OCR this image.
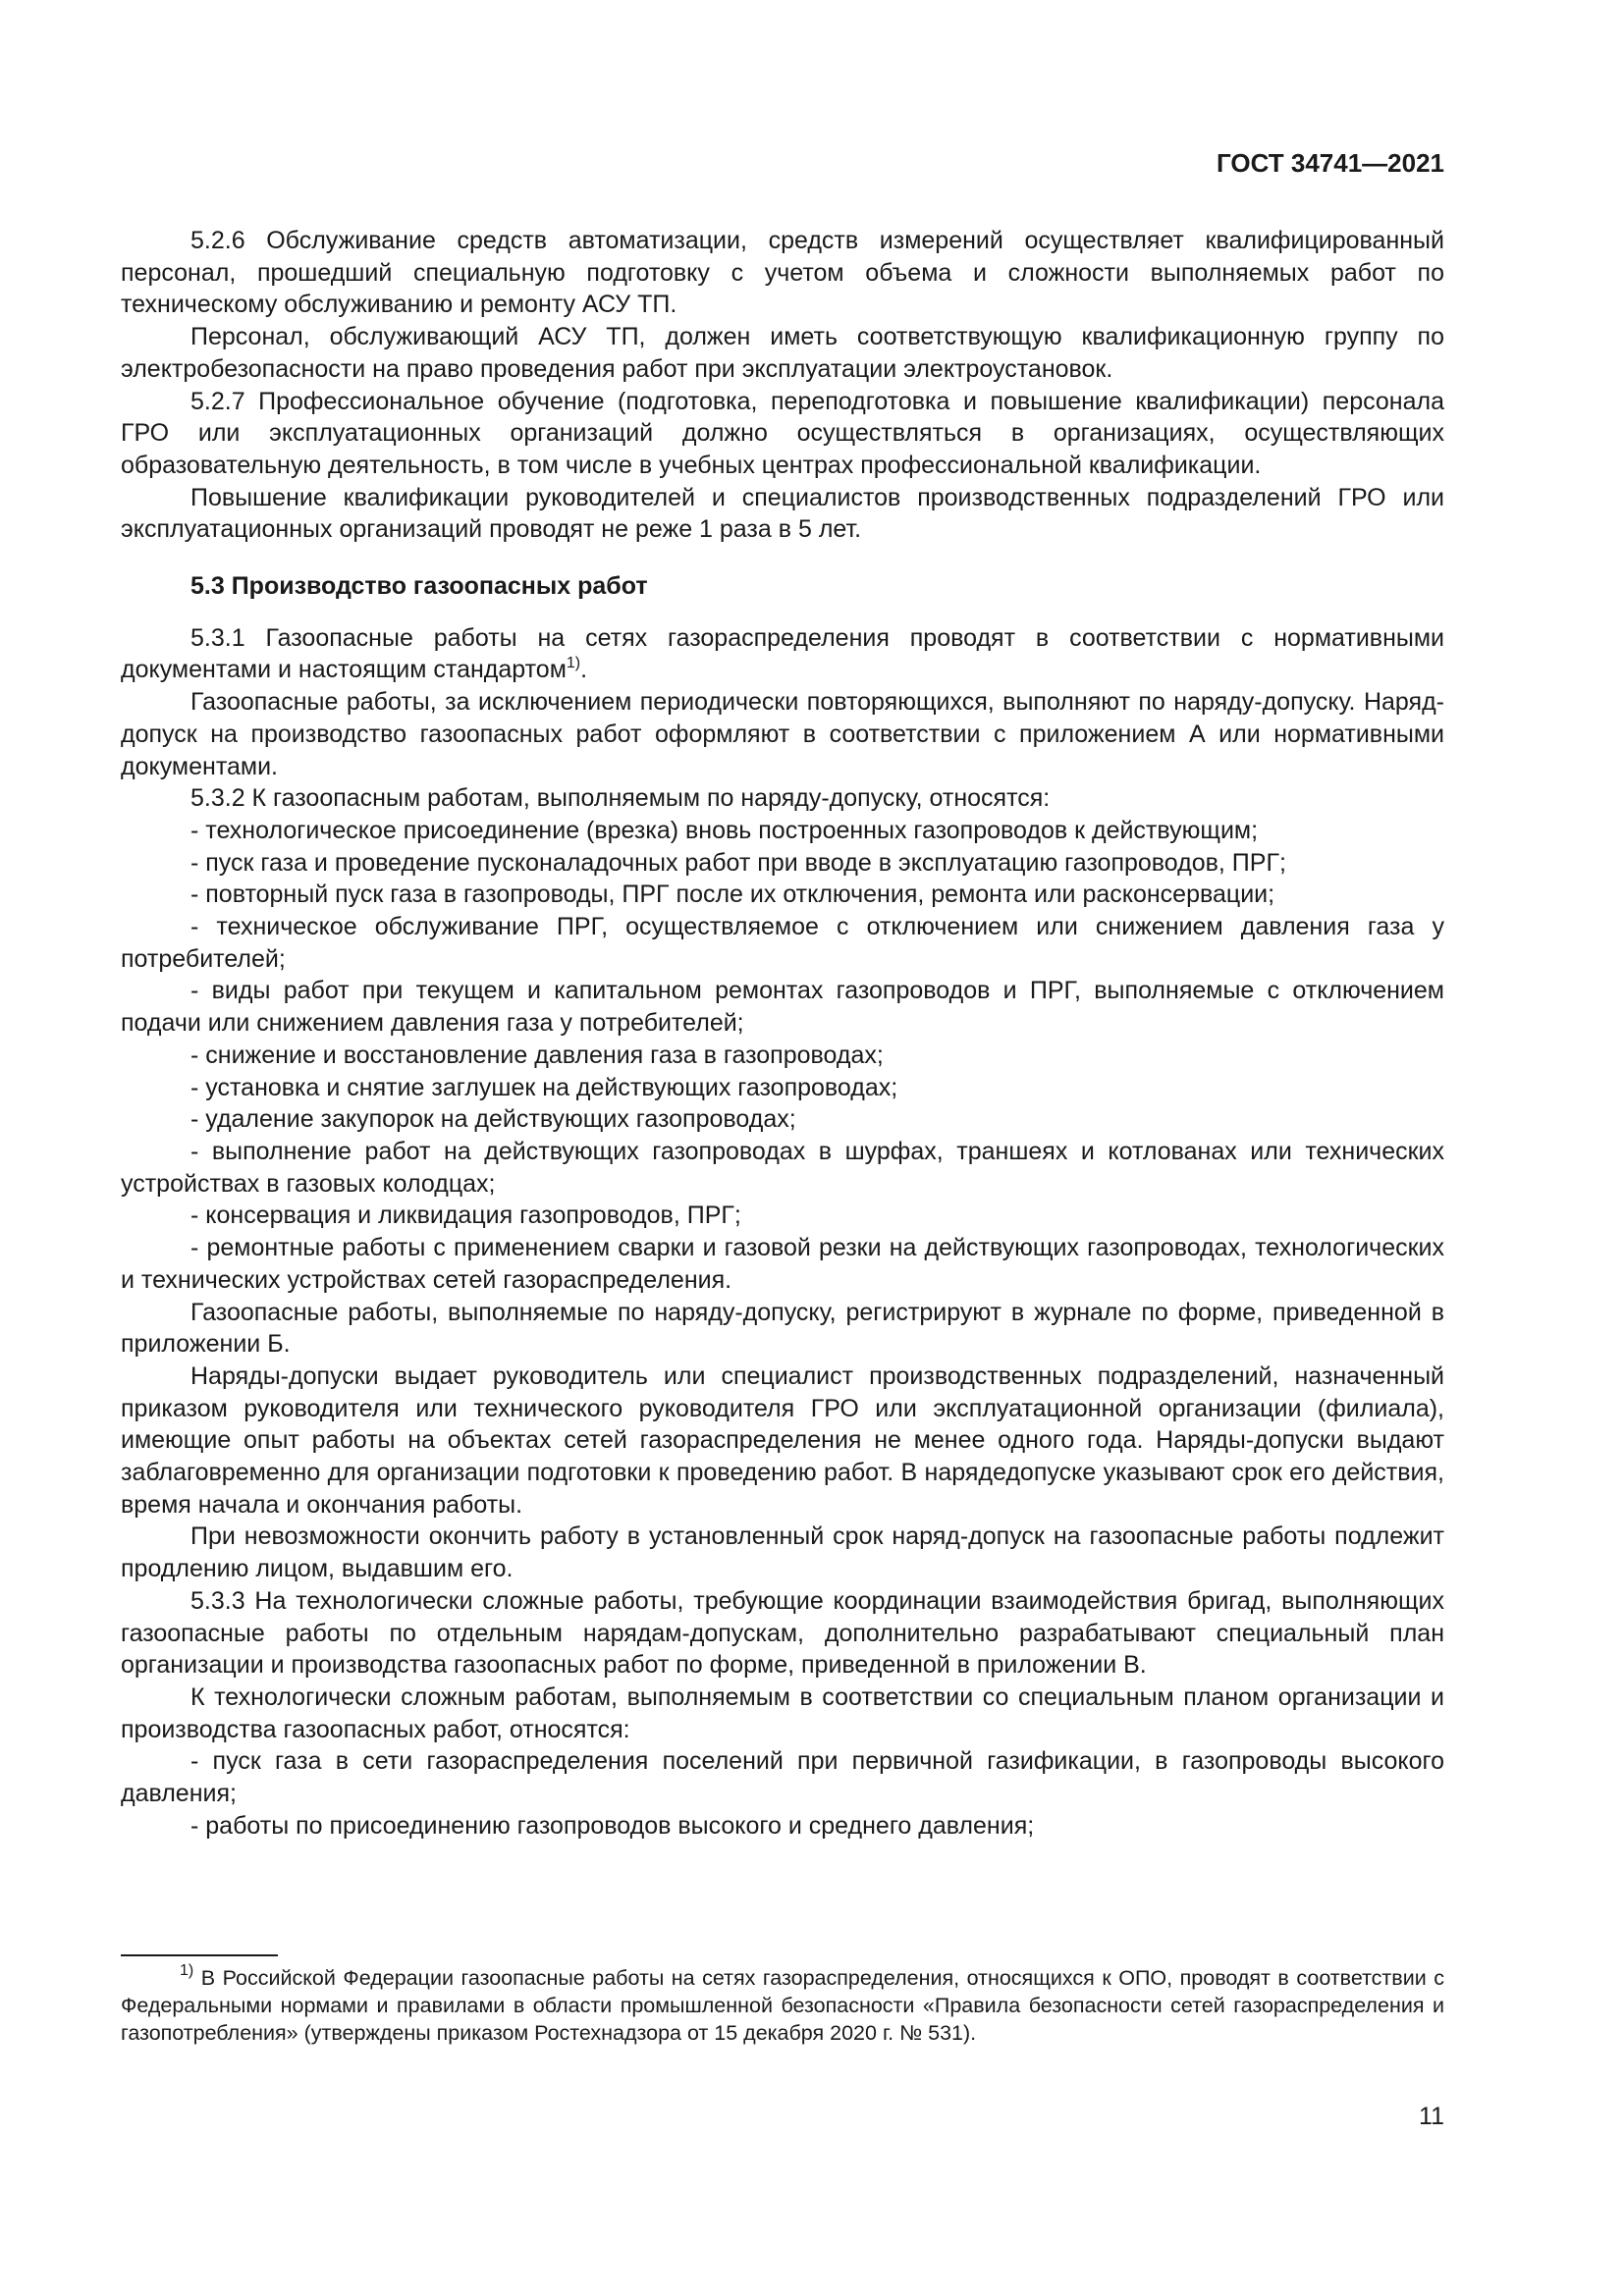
ГОСТ 34741—2021

5.2.6 Обслуживание средств автоматизации, средств измерений осуществляет квалифицированный персонал, прошедший специальную подготовку с учетом объема и сложности выполняемых работ по техническому обслуживанию и ремонту АСУ ТП.

Персонал, обслуживающий АСУ ТП, должен иметь соответствующую квалификационную группу по электробезопасности на право проведения работ при эксплуатации электроустановок.

5.2.7 Профессиональное обучение (подготовка, переподготовка и повышение квалификации) персонала ГРО или эксплуатационных организаций должно осуществляться в организациях, осуществляющих образовательную деятельность, в том числе в учебных центрах профессиональной квалификации.

Повышение квалификации руководителей и специалистов производственных подразделений ГРО или эксплуатационных организаций проводят не реже 1 раза в 5 лет.

5.3 Производство газоопасных работ

5.3.1 Газоопасные работы на сетях газораспределения проводят в соответствии с нормативными документами и настоящим стандартом$^{1)}$.

Газоопасные работы, за исключением периодически повторяющихся, выполняют по наряду-допуску. Наряд-допуск на производство газоопасных работ оформляют в соответствии с приложением А или нормативными документами.

5.3.2 К газоопасным работам, выполняемым по наряду-допуску, относятся:

- технологическое присоединение (врезка) вновь построенных газопроводов к действующим;

- пуск газа и проведение пусконаладочных работ при вводе в эксплуатацию газопроводов, ПРГ;

- повторный пуск газа в газопроводы, ПРГ после их отключения, ремонта или расконсервации;

- техническое обслуживание ПРГ, осуществляемое с отключением или снижением давления газа у потребителей;

- виды работ при текущем и капитальном ремонтах газопроводов и ПРГ, выполняемые с отключением подачи или снижением давления газа у потребителей;

- снижение и восстановление давления газа в газопроводах;

- установка и снятие заглушек на действующих газопроводах;

- удаление закупорок на действующих газопроводах;

- выполнение работ на действующих газопроводах в шурфах, траншеях и котлованах или технических устройствах в газовых колодцах;

- консервация и ликвидация газопроводов, ПРГ;

- ремонтные работы с применением сварки и газовой резки на действующих газопроводах, технологических и технических устройствах сетей газораспределения.

Газоопасные работы, выполняемые по наряду-допуску, регистрируют в журнале по форме, приведенной в приложении Б.

Наряды-допуски выдает руководитель или специалист производственных подразделений, назначенный приказом руководителя или технического руководителя ГРО или эксплуатационной организации (филиала), имеющие опыт работы на объектах сетей газораспределения не менее одного года. Наряды-допуски выдают заблаговременно для организации подготовки к проведению работ. В нарядедопуске указывают срок его действия, время начала и окончания работы.

При невозможности окончить работу в установленный срок наряд-допуск на газоопасные работы подлежит продлению лицом, выдавшим его.

5.3.3 На технологически сложные работы, требующие координации взаимодействия бригад, выполняющих газоопасные работы по отдельным нарядам-допускам, дополнительно разрабатывают специальный план организации и производства газоопасных работ по форме, приведенной в приложении В.

К технологически сложным работам, выполняемым в соответствии со специальным планом организации и производства газоопасных работ, относятся:

- пуск газа в сети газораспределения поселений при первичной газификации, в газопроводы высокого давления;

- работы по присоединению газопроводов высокого и среднего давления;

$^{1)}$ В Российской Федерации газоопасные работы на сетях газораспределения, относящихся к ОПО, проводят в соответствии с Федеральными нормами и правилами в области промышленной безопасности «Правила безопасности сетей газораспределения и газопотребления» (утверждены приказом Ростехнадзора от 15 декабря 2020 г. № 531).

11
